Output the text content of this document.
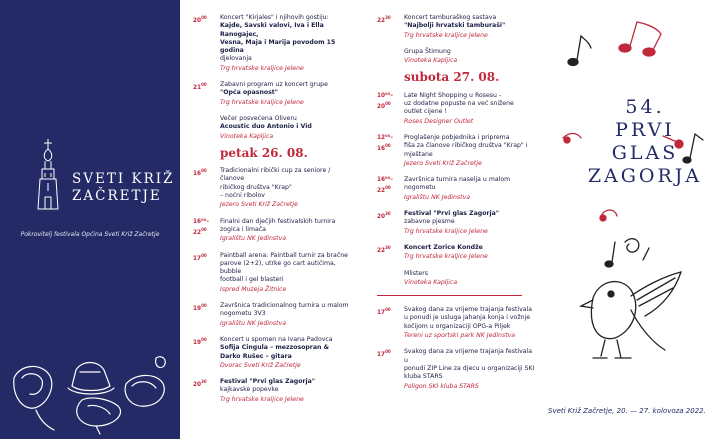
SVETI KRIŽ
ZAČRETJE
Pokrovitelj festivala Općina Sveti Križ Začretje
$20^{00}$	Koncert "Kirjales" i njihovih gostiju:
Kajde, Savski valovi, Iva i Ella Ranogajec,
Vesna, Maja i Marija povodom 15 godina
djelovanja
Trg hrvatske kraljice Jelene
$21^{00}$	Zabavni program uz koncert grupe
"Opća opasnost"
Trg hrvatske kraljice Jelene
Večer posvećena Oliveru
Acoustic duo Antonio i Vid
Vinoteka Kapljica
petak 26. 08.
$16^{00}$	Tradicionalni ribički cup za seniore / članove
ribičkog društva "Krap"
– noćni ribolov
Jezero Sveti Križ Začretje
$16^{00}-22^{00}$
Finalni dan dječjih festivalskih turnira
zogica i limača
Igralištu NK Jedinstva
$17^{00}$	Paintball arena: Paintball turnir za bračne
parove (2+2), utrke go cart autićima, bubble
football i gel blasteri
Ispred Muzeja Žitnice
$19^{00}$	Završnica tradicionalnog turnira u malom
nogometu 3V3
Igralištu NK Jedinstva
$19^{00}$	Koncert u spomen na Ivana Padovca
Sofija Cingula – mezzosopran &
Darko Rušec – gitara
Dvorac Sveti Križ Začretje
$20^{30}$	Festival "Prvi glas Zagorja"
kajkavske popevke
Trg hrvatske kraljice Jelene
$22^{30}$	Koncert tamburaškog sastava
"Najbolji hrvatski tamburaši"
Trg hrvatske kraljice Jelene
Grupa Štimung
Vinoteka Kapljica
subota 27. 08.
$10^{00}-20^{00}$
Late Night Shopping u Rosesu -
uz dodatne popuste na već snižene
outlet cijene !
Roses Designer Outlet
$12^{00}-16^{00}$
Proglašenje pobjednika i pripremа
fiša za članove ribičkog društva "Krap" i
mještane
Jezero Sveti Križ Začretje
$16^{00}-22^{00}$
Završnica turnira naselja u malom
nogometu
Igralištu NK Jedinstva
$20^{30}$	Festival "Prvi glas Zagorja"
zabavne pjesme
Trg hrvatske kraljice Jelene
$22^{30}$	Koncert Zorice Kondže
Trg hrvatske kraljice Jelene
Mlisters
Vinoteka Kapljica
$17^{00}$	Svakog dana za vrijeme trajanja festivala
u ponudi je usluga jahanja konja i vožnje
kočijom u organizaciji OPG-a Piljek
Tereni uz sportski park NK Jedinstva
$17^{00}$	Svakog dana za vrijeme trajanja festivala u
ponudi ZIP Line za djecu u organizaciji SKI
kluba STARS
Poligon SKI kluba STARS
54.
PRVI
GLAS
ZAGORJA
Sveti Križ Začretje, 20. — 27. kolovoza 2022.
